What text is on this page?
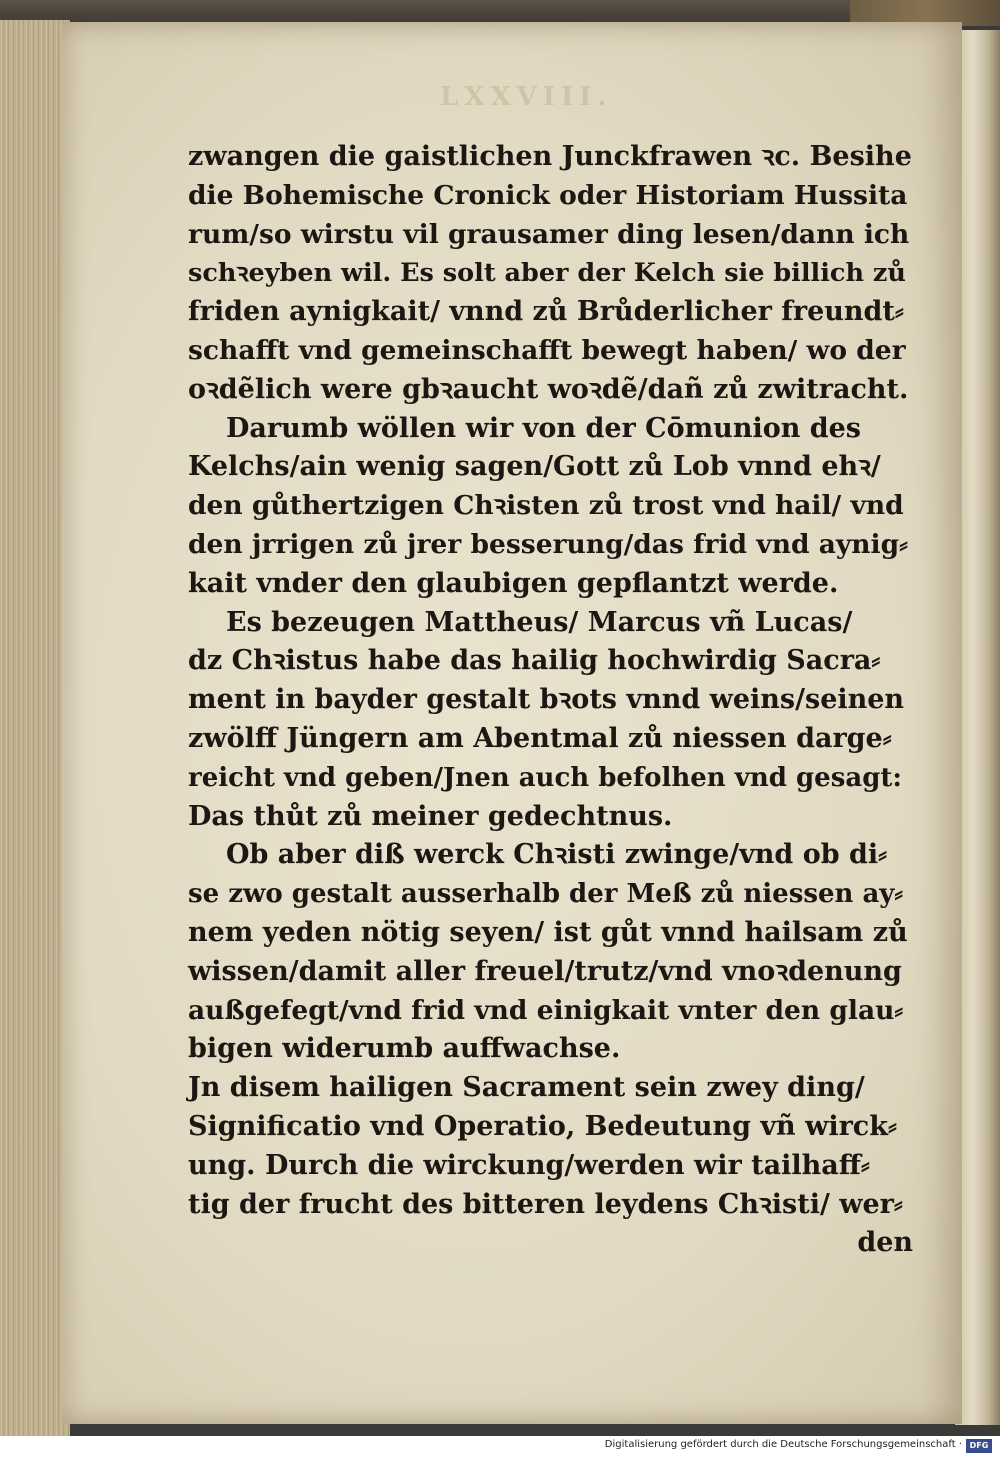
LXXVIII.
zwangen die gaistlichen Junckfrawen ꝛc. Besihe
die Bohemische Cronick oder Historiam Hussita
rum/so wirstu vil grausamer ding lesen/dann ich
schꝛeyben wil. Es solt aber der Kelch sie billich zů
friden aynigkait/ vnnd zů Brůderlicher freundt⸗
schafft vnd gemeinschafft bewegt haben/ wo der
oꝛdẽlich were gbꝛaucht woꝛdẽ/dañ zů zwitracht.
Darumb wöllen wir von der Cōmunion des
Kelchs/ain wenig sagen/Gott zů Lob vnnd ehꝛ/
den gůthertzigen Chꝛisten zů trost vnd hail/ vnd
den jrrigen zů jrer besserung/das frid vnd aynig⸗
kait vnder den glaubigen gepflantzt werde.
Es bezeugen Mattheus/ Marcus vñ Lucas/
dz Chꝛistus habe das hailig hochwirdig Sacra⸗
ment in bayder gestalt bꝛots vnnd weins/seinen
zwölff Jüngern am Abentmal zů niessen darge⸗
reicht vnd geben/Jnen auch befolhen vnd gesagt:
Das thůt zů meiner gedechtnus.
Ob aber diß werck Chꝛisti zwinge/vnd ob di⸗
se zwo gestalt ausserhalb der Meß zů niessen ay⸗
nem yeden nötig seyen/ ist gůt vnnd hailsam zů
wissen/damit aller freuel/trutz/vnd vnoꝛdenung
außgefegt/vnd frid vnd einigkait vnter den glau⸗
bigen widerumb auffwachse.
Jn disem hailigen Sacrament sein zwey ding/
Significatio vnd Operatio, Bedeutung vñ wirck⸗
ung. Durch die wirckung/werden wir tailhaff⸗
tig der frucht des bitteren leydens Chꝛisti/ wer⸗
den
Digitalisierung gefördert durch die Deutsche Forschungsgemeinschaft · DFG
